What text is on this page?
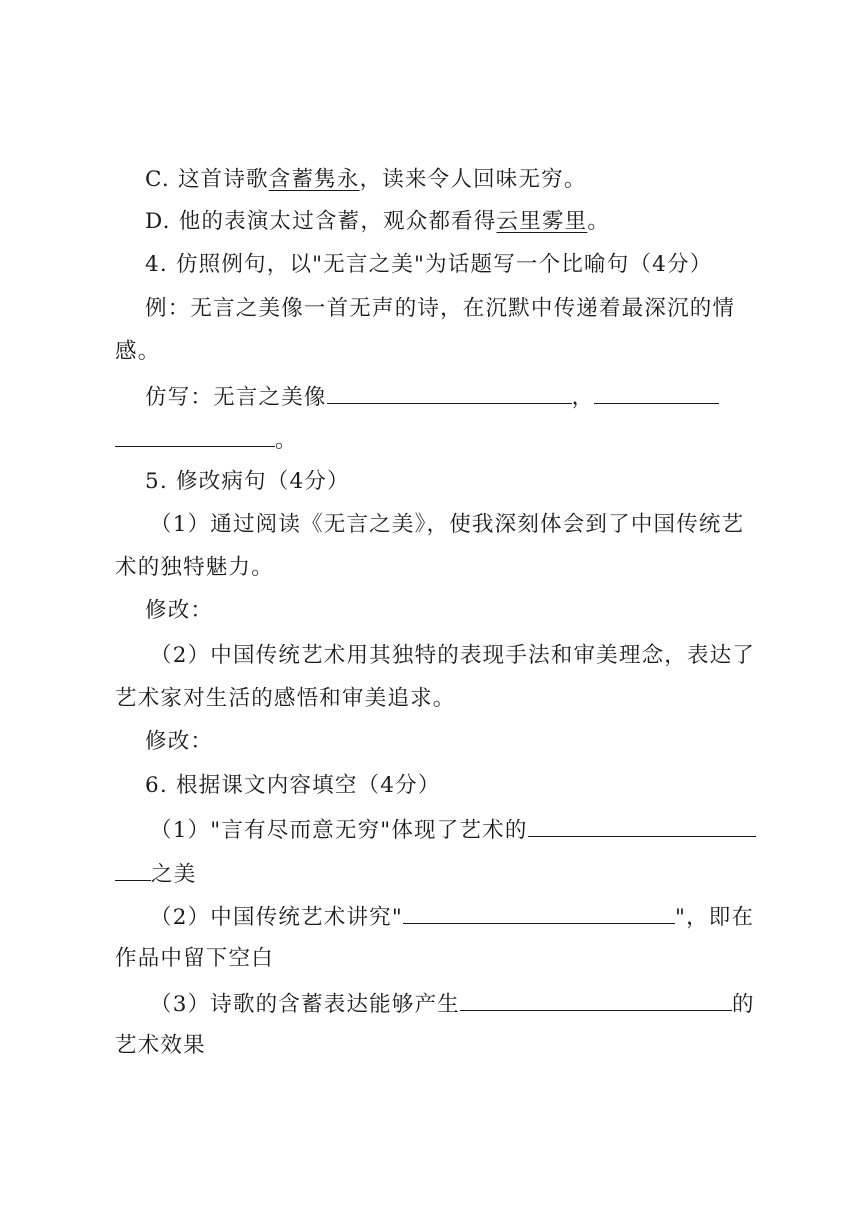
C. 这首诗歌含蓄隽永，读来令人回味无穷。
D. 他的表演太过含蓄，观众都看得云里雾里。
4. 仿照例句，以"无言之美"为话题写一个比喻句（4分）
例：无言之美像一首无声的诗，在沉默中传递着最深沉的情
感。
仿写：无言之美像	，
。
5. 修改病句（4分）
（1）通过阅读《无言之美》，使我深刻体会到了中国传统艺
术的独特魅力。
修改：
（2）中国传统艺术用其独特的表现手法和审美理念，表达了
艺术家对生活的感悟和审美追求。
修改：
6. 根据课文内容填空（4分）
（1）"言有尽而意无穷"体现了艺术的
之美
（2）中国传统艺术讲究"	"，即在
作品中留下空白
（3）诗歌的含蓄表达能够产生	的
艺术效果
